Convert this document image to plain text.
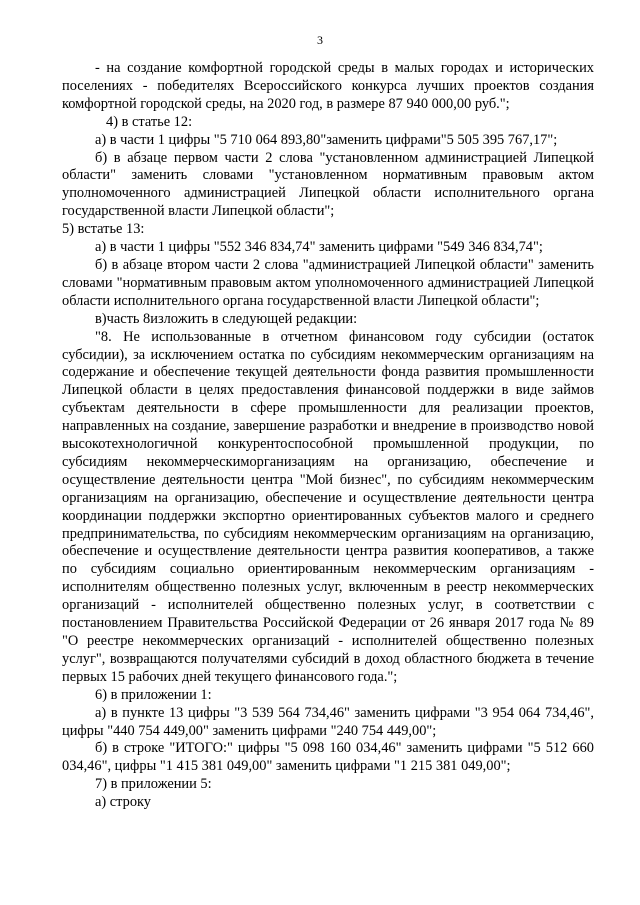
3

- на создание комфортной городской среды в малых городах и исторических поселениях - победителях Всероссийского конкурса лучших проектов создания комфортной городской среды, на 2020 год, в размере 87 940 000,00 руб.";

4) в статье 12:

а) в части 1 цифры "5 710 064 893,80"заменить цифрами"5 505 395 767,17";

б) в абзаце первом части 2 слова "установленном администрацией Липецкой области" заменить словами "установленном нормативным правовым актом уполномоченного администрацией Липецкой области исполнительного органа государственной власти Липецкой области";

5) встатье 13:

а) в части 1 цифры "552 346 834,74" заменить цифрами "549 346 834,74";

б) в абзаце втором части 2 слова "администрацией Липецкой области" заменить словами "нормативным правовым актом уполномоченного администрацией Липецкой области исполнительного органа государственной власти Липецкой области";

в)часть 8изложить в следующей редакции:

"8. Не использованные в отчетном финансовом году субсидии (остаток субсидии), за исключением остатка по субсидиям некоммерческим организациям на содержание и обеспечение текущей деятельности фонда развития промышленности Липецкой области в целях предоставления финансовой поддержки в виде займов субъектам деятельности в сфере промышленности для реализации проектов, направленных на создание, завершение разработки и внедрение в производство новой высокотехнологичной конкурентоспособной промышленной продукции, по субсидиям некоммерческиморганизациям на организацию, обеспечение и осуществление деятельности центра "Мой бизнес", по субсидиям некоммерческим организациям на организацию, обеспечение и осуществление деятельности центра координации поддержки экспортно ориентированных субъектов малого и среднего предпринимательства, по субсидиям некоммерческим организациям на организацию, обеспечение и осуществление деятельности центра развития кооперативов, а также по субсидиям социально ориентированным некоммерческим организациям - исполнителям общественно полезных услуг, включенным в реестр некоммерческих организаций - исполнителей общественно полезных услуг, в соответствии с постановлением Правительства Российской Федерации от 26 января 2017 года № 89 "О реестре некоммерческих организаций - исполнителей общественно полезных услуг", возвращаются получателями субсидий в доход областного бюджета в течение первых 15 рабочих дней текущего финансового года.";

6) в приложении 1:

а) в пункте 13 цифры "3 539 564 734,46" заменить цифрами "3 954 064 734,46", цифры "440 754 449,00" заменить цифрами "240 754 449,00";

б) в строке "ИТОГО:" цифры "5 098 160 034,46" заменить цифрами "5 512 660 034,46", цифры "1 415 381 049,00" заменить цифрами "1 215 381 049,00";

7) в приложении 5:

а) строку
